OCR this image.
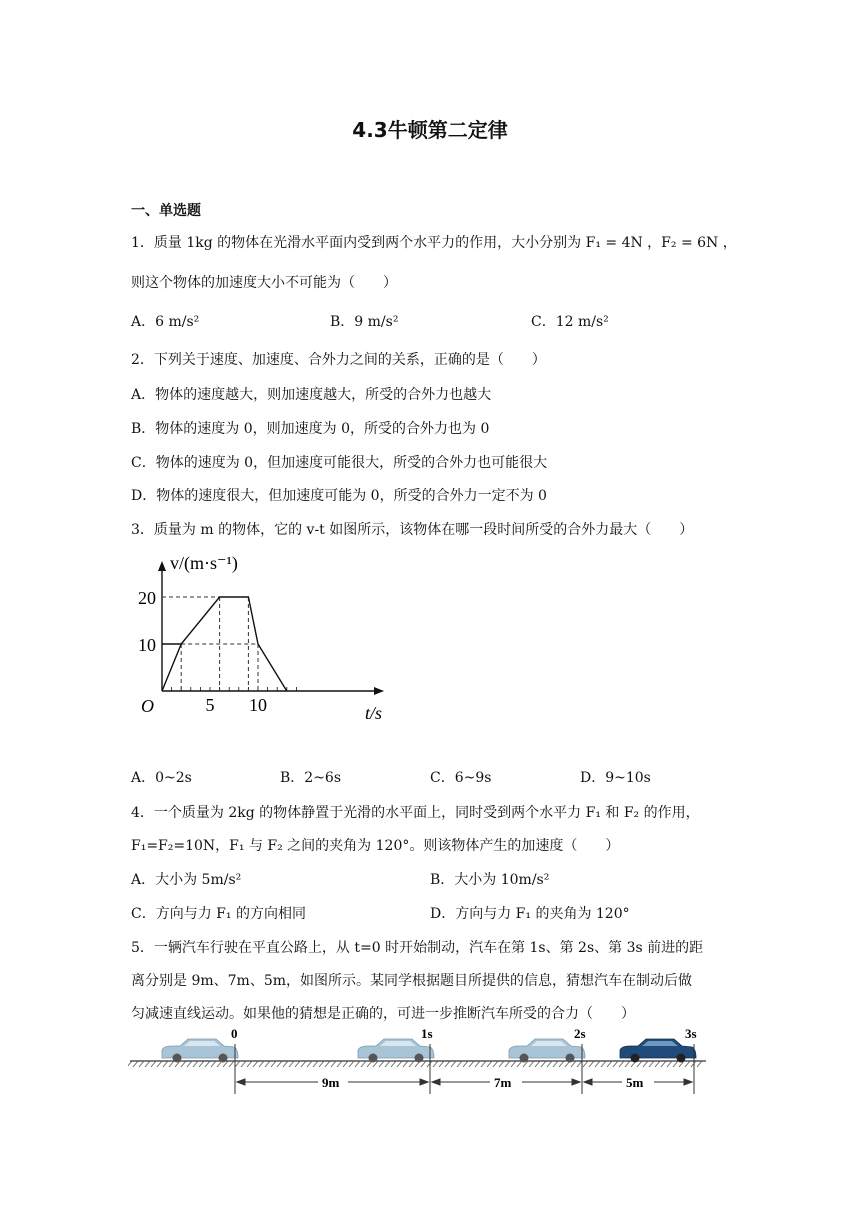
4.3牛顿第二定律
一、单选题
1．质量 1kg 的物体在光滑水平面内受到两个水平力的作用，大小分别为 F₁ = 4N ，F₂ = 6N ，
则这个物体的加速度大小不可能为（　　）
A．6 m/s²	B．9 m/s²	C．12 m/s²
2．下列关于速度、加速度、合外力之间的关系，正确的是（　　）
A．物体的速度越大，则加速度越大，所受的合外力也越大
B．物体的速度为 0，则加速度为 0，所受的合外力也为 0
C．物体的速度为 0，但加速度可能很大，所受的合外力也可能很大
D．物体的速度很大，但加速度可能为 0，所受的合外力一定不为 0
3．质量为 m 的物体，它的 v-t 如图所示，该物体在哪一段时间所受的合外力最大（　　）
20
10
5 10
O	t/s
v/(m·s⁻¹)
A．0~2s	B．2~6s	C．6~9s	D．9~10s
4．一个质量为 2kg 的物体静置于光滑的水平面上，同时受到两个水平力 F₁ 和 F₂ 的作用，
F₁=F₂=10N，F₁ 与 F₂ 之间的夹角为 120°。则该物体产生的加速度（　　）
A．大小为 5m/s²	B．大小为 10m/s²
C．方向与力 F₁ 的方向相同	D．方向与力 F₁ 的夹角为 120°
5．一辆汽车行驶在平直公路上，从 t=0 时开始制动，汽车在第 1s、第 2s、第 3s 前进的距
离分别是 9m、7m、5m，如图所示。某同学根据题目所提供的信息，猜想汽车在制动后做
匀减速直线运动。如果他的猜想是正确的，可进一步推断汽车所受的合力（　　）
0	1s	2s	3s
9m	7m	5m
